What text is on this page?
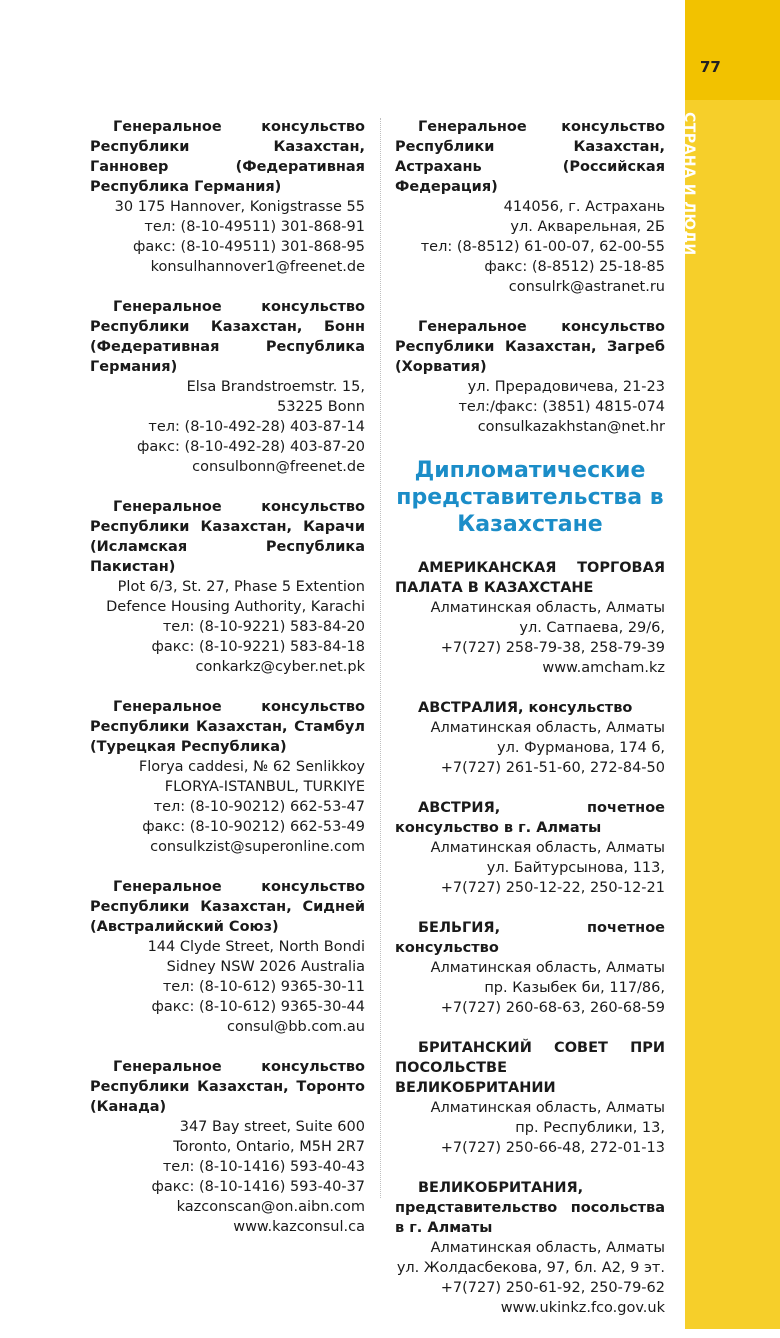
77
СТРАНА И ЛЮДИ
Генеральное консульство Республики Казахстан, Ганновер (Федеративная Республика Германия)
30 175 Hannover, Konigstrasse 55
тел: (8-10-49511) 301-868-91
факс: (8-10-49511) 301-868-95
konsulhannover1@freenet.de
Генеральное консульство Республики Казахстан, Бонн (Федеративная Республика Германия)
Elsa Brandstroemstr. 15,
53225 Bonn
тел: (8-10-492-28) 403-87-14
факс: (8-10-492-28) 403-87-20
consulbonn@freenet.de
Генеральное консульство Республики Казахстан, Карачи (Исламская Республика Пакистан)
Plot 6/3, St. 27, Phase 5 Extention
Defence Housing Authority, Karachi
тел: (8-10-9221) 583-84-20
факс: (8-10-9221) 583-84-18
conkarkz@cyber.net.pk
Генеральное консульство Республики Казахстан, Стамбул (Турецкая Республика)
Florya caddesi, № 62 Senlikkoy
FLORYA-ISTANBUL, TURKIYE
тел: (8-10-90212) 662-53-47
факс: (8-10-90212) 662-53-49
consulkzist@superonline.com
Генеральное консульство Республики Казахстан, Сидней (Австралийский Союз)
144 Clyde Street, North Bondi
Sidney NSW 2026 Australia
тел: (8-10-612) 9365-30-11
факс: (8-10-612) 9365-30-44
consul@bb.com.au
Генеральное консульство Республики Казахстан, Торонто (Канада)
347 Bay street, Suite 600
Toronto, Ontario, M5H 2R7
тел: (8-10-1416) 593-40-43
факс: (8-10-1416) 593-40-37
kazconscan@on.aibn.com
www.kazconsul.ca
Генеральное консульство Республики Казахстан, Астрахань (Российская Федерация)
414056, г. Астрахань
ул. Акварельная, 2Б
тел: (8-8512) 61-00-07, 62-00-55
факс: (8-8512) 25-18-85
consulrk@astranet.ru
Генеральное консульство Республики Казахстан, Загреб (Хорватия)
ул. Прерадовичева, 21-23
тел:/факс: (3851) 4815-074
consulkazakhstan@net.hr
Дипломатические представительства в Казахстане
АМЕРИКАНСКАЯ ТОРГОВАЯ ПАЛАТА В КАЗАХСТАНЕ
Алматинская область, Алматы
ул. Сатпаева, 29/6,
+7(727) 258-79-38, 258-79-39
www.amcham.kz
АВСТРАЛИЯ, консульство
Алматинская область, Алматы
ул. Фурманова, 174 б,
+7(727) 261-51-60, 272-84-50
АВСТРИЯ, почетное консульство в г. Алматы
Алматинская область, Алматы
ул. Байтурсынова, 113,
+7(727) 250-12-22, 250-12-21
БЕЛЬГИЯ, почетное консульство
Алматинская область, Алматы
пр. Казыбек би, 117/86,
+7(727) 260-68-63, 260-68-59
БРИТАНСКИЙ СОВЕТ ПРИ ПОСОЛЬСТВЕ ВЕЛИКОБРИТАНИИ
Алматинская область, Алматы
пр. Республики, 13,
+7(727) 250-66-48, 272-01-13
ВЕЛИКОБРИТАНИЯ, представительство посольства в г. Алматы
Алматинская область, Алматы
ул. Жолдасбекова, 97, бл. А2, 9 эт.
+7(727) 250-61-92, 250-79-62
www.ukinkz.fco.gov.uk
